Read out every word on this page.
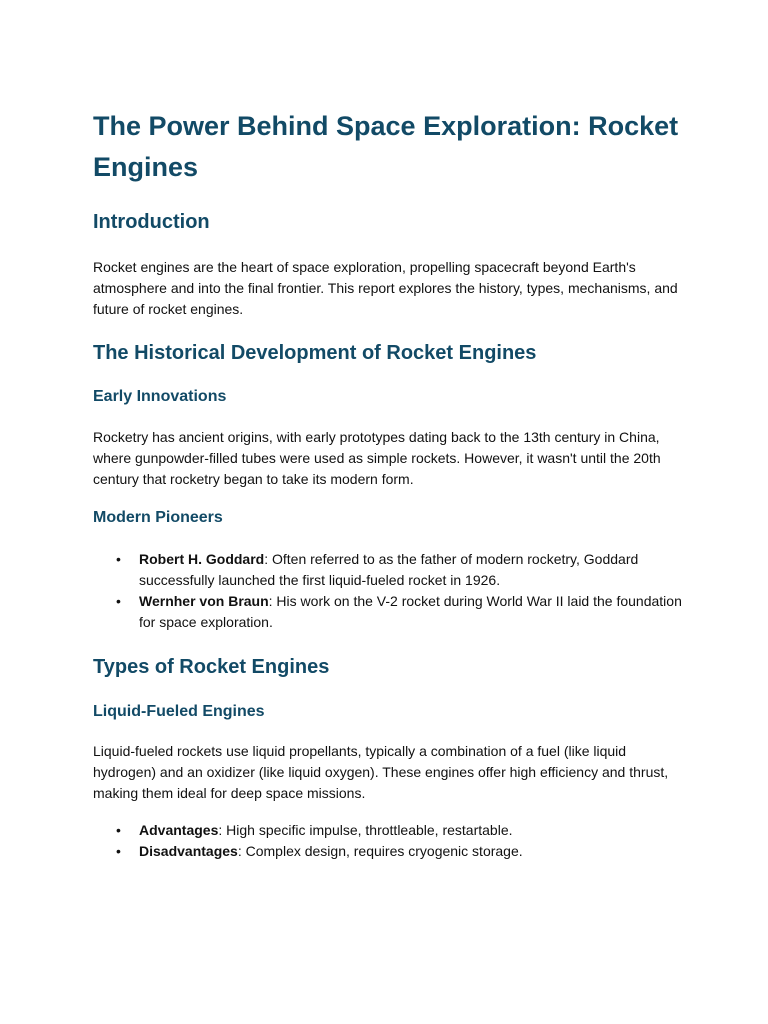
The Power Behind Space Exploration: Rocket Engines
Introduction

Rocket engines are the heart of space exploration, propelling spacecraft beyond Earth's atmosphere and into the final frontier. This report explores the history, types, mechanisms, and future of rocket engines.

The Historical Development of Rocket Engines
Early Innovations

Rocketry has ancient origins, with early prototypes dating back to the 13th century in China, where gunpowder-filled tubes were used as simple rockets. However, it wasn't until the 20th century that rocketry began to take its modern form.

Modern Pioneers
• Robert H. Goddard: Often referred to as the father of modern rocketry, Goddard successfully launched the first liquid-fueled rocket in 1926.
• Wernher von Braun: His work on the V-2 rocket during World War II laid the foundation for space exploration.
Types of Rocket Engines
Liquid-Fueled Engines

Liquid-fueled rockets use liquid propellants, typically a combination of a fuel (like liquid hydrogen) and an oxidizer (like liquid oxygen). These engines offer high efficiency and thrust, making them ideal for deep space missions.

• Advantages: High specific impulse, throttleable, restartable.
• Disadvantages: Complex design, requires cryogenic storage.
